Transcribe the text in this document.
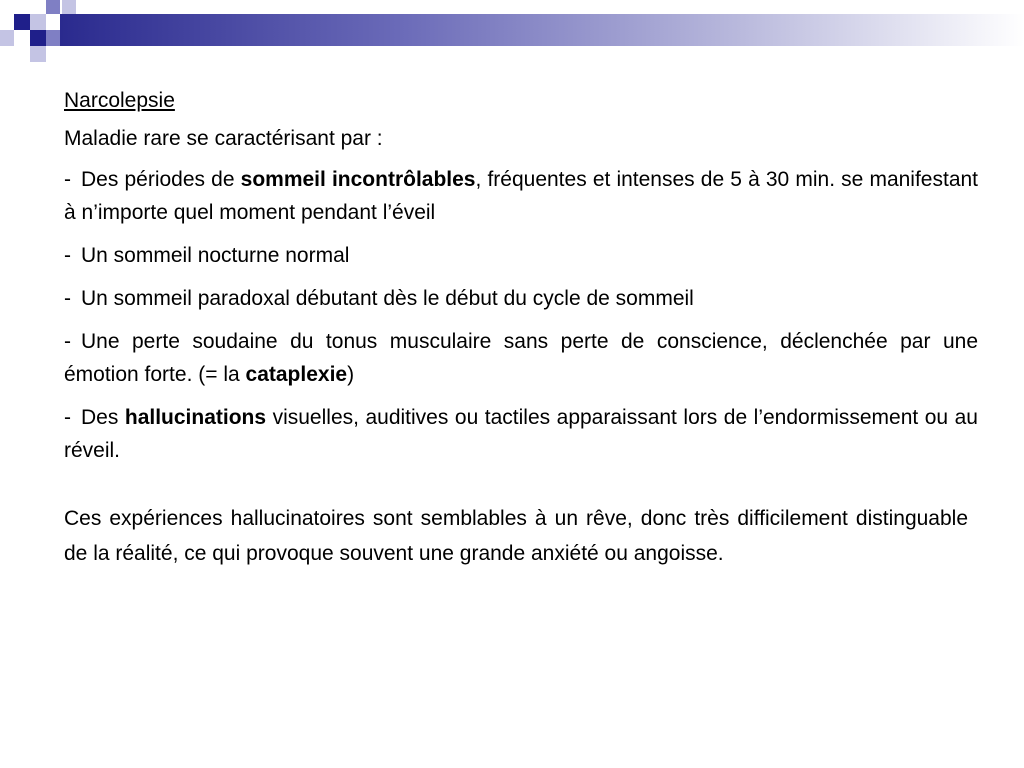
Narcolepsie
Maladie rare se caractérisant par :
- Des périodes de sommeil incontrôlables, fréquentes et intenses de 5 à 30 min. se manifestant à n’importe quel moment pendant l’éveil
- Un sommeil nocturne normal
- Un sommeil paradoxal débutant dès le début du cycle de sommeil
- Une perte soudaine du tonus musculaire sans perte de conscience, déclenchée par une émotion forte. (= la cataplexie)
- Des hallucinations visuelles, auditives ou tactiles apparaissant lors de l’endormissement ou au réveil.
Ces expériences hallucinatoires sont semblables à un rêve, donc très difficilement distinguable de la réalité, ce qui provoque souvent une grande anxiété ou angoisse.
